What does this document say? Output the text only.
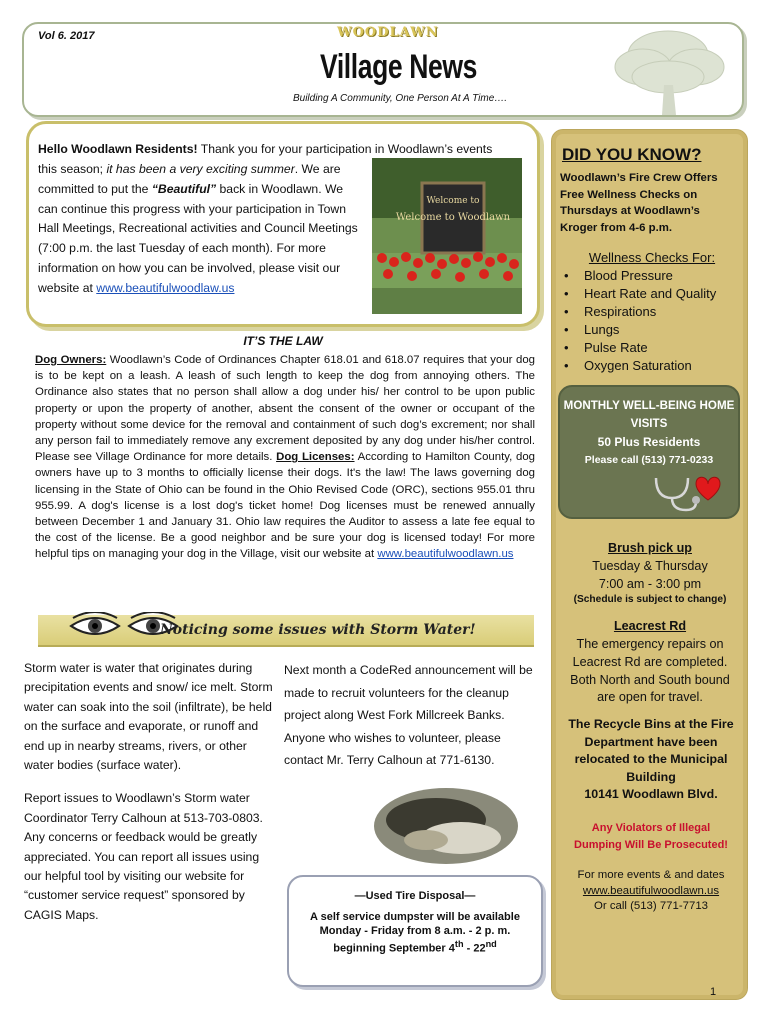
Vol 6. 2017	WOODLAWN
Village News
Building A Community, One Person At A Time….
Hello Woodlawn Residents! Thank you for your participation in Woodlawn’s events
this season; it has been a very exciting summer. We are
committed to put the “Beautiful” back in Woodlawn. We
can continue this progress with your participation in Town Hall Meetings, Recreational activities and Council Meetings (7:00 p.m. the last Tuesday of each month). For more information on how you can be involved, please visit our website at www.beautifulwoodlaw.us
Welcome to
Welcome to Woodlawn
IT’S THE LAW
Dog Owners: Woodlawn’s Code of Ordinances Chapter 618.01 and 618.07 requires that your dog is to be kept on a leash. A leash of such length to keep the dog from annoying others. The Ordinance also states that no person shall allow a dog under his/ her control to be upon public property or upon the property of another, absent the consent of the owner or occupant of the property without some device for the removal and containment of such dog’s excrement; nor shall any person fail to immediately remove any excrement deposited by any dog under his/her control. Please see Village Ordinance for more details. Dog Licenses: According to Hamilton County, dog owners have up to 3 months to officially license their dogs. It's the law! The laws governing dog licensing in the State of Ohio can be found in the Ohio Revised Code (ORC), sections 955.01 thru 955.99. A dog's license is a lost dog's ticket home! Dog licenses must be renewed annually between December 1 and January 31. Ohio law requires the Auditor to assess a late fee equal to the cost of the license. Be a good neighbor and be sure your dog is licensed today! For more helpful tips on managing your dog in the Village, visit our website at www.beautifulwoodlawn.us
Noticing some issues with Storm Water!

Storm water is water that originates during precipitation events and snow/ ice melt. Storm water can soak into the soil (infiltrate), be held on the surface and evaporate, or runoff and end up in nearby streams, rivers, or other water bodies (surface water).

Report issues to Woodlawn’s Storm water Coordinator Terry Calhoun at 513-703-0803. Any concerns or feedback would be greatly appreciated. You can report all issues using our helpful tool by visiting our website for “customer service request” sponsored by CAGIS Maps.

Next month a CodeRed announcement will be made to recruit volunteers for the cleanup project along West Fork Millcreek Banks. Anyone who wishes to volunteer, please contact Mr. Terry Calhoun at 771-6130.
—Used Tire Disposal—
A self service dumpster will be available
Monday - Friday from 8 a.m. - 2 p. m.
beginning September 4th - 22nd
DID YOU KNOW?
Woodlawn’s Fire Crew Offers Free Wellness Checks on Thursdays at Woodlawn’s Kroger from 4-6 p.m.
Wellness Checks For:
• Blood Pressure
• Heart Rate and Quality
• Respirations
• Lungs
• Pulse Rate
• Oxygen Saturation
MONTHLY WELL-BEING HOME VISITS
50 Plus Residents
Please call (513) 771-0233
Brush pick up
Tuesday & Thursday
7:00 am - 3:00 pm
(Schedule is subject to change)
Leacrest Rd
The emergency repairs on Leacrest Rd are completed. Both North and South bound are open for travel.
The Recycle Bins at the Fire Department have been relocated to the Municipal Building
10141 Woodlawn Blvd.
Any Violators of Illegal
Dumping Will Be Prosecuted!
For more events & and dates
www.beautifulwoodlawn.us
Or call (513) 771-7713
1
